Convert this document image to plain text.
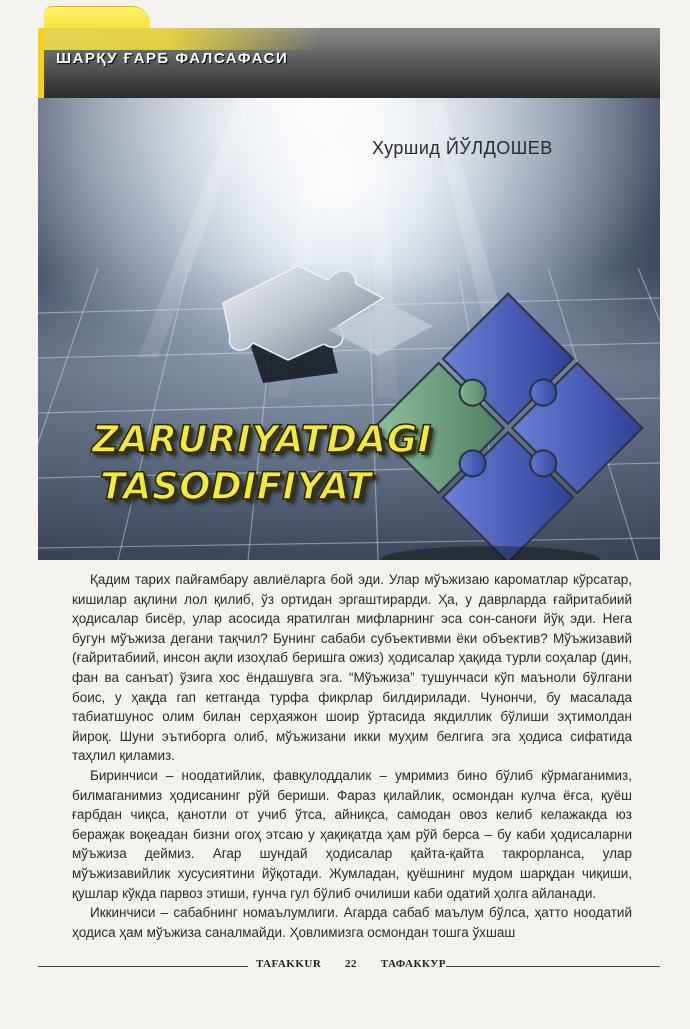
ШАРҚУ ҒАРБ ФАЛСАФАСИ
Хуршид ЙЎЛДОШЕВ
ZARURIYATDAGI
TASODIFIYAT

Қадим тарих пайғамбару авлиёларга бой эди. Улар мўъжизаю кароматлар кўрсатар, кишилар ақлини лол қилиб, ўз ортидан эргаштирарди. Ҳа, у даврларда ғайритабиий ҳодисалар бисёр, улар асосида яратилган мифларнинг эса сон-саноғи йўқ эди. Нега бугун мўъжиза дегани тақчил? Бунинг сабаби субъективми ёки объектив? Мўъжизавий (ғайритабиий, инсон ақли изоҳлаб беришга ожиз) ҳодисалар ҳақида турли соҳалар (дин, фан ва санъат) ўзига хос ёндашувга эга. “Мўъжиза” тушунчаси кўп маъноли бўлгани боис, у ҳақда гап кетганда турфа фикрлар билдирилади. Чунончи, бу масалада табиатшунос олим билан серҳаяжон шоир ўртасида якдиллик бўлиши эҳтимолдан йироқ. Шуни эътиборга олиб, мўъжизани икки муҳим белгига эга ҳодиса сифатида таҳлил қиламиз.

Биринчиси – ноодатийлик, фавқулоддалик – умримиз бино бўлиб кўрмаганимиз, билмаганимиз ҳодисанинг рўй бериши. Фараз қилайлик, осмондан кулча ёғса, қуёш ғарбдан чиқса, қанотли от учиб ўтса, айниқса, самодан овоз келиб келажакда юз бераҗак воқеадан бизни огоҳ этсаю у ҳақиқатда ҳам рўй берса – бу каби ҳодисаларни мўъжиза деймиз. Агар шундай ҳодисалар қайта-қайта такрорланса, улар мўъжизавийлик хусусиятини йўқотади. Жумладан, қуёшнинг мудом шарқдан чиқиши, қушлар кўкда парвоз этиши, ғунча гул бўлиб очилиши каби одатий ҳолга айланади.

Иккинчиси – сабабнинг номаълумлиги. Агарда сабаб маълум бўлса, ҳатто ноодатий ҳодиса ҳам мўъжиза саналмайди. Ҳовлимизга осмондан тошга ўхшаш

TAFAKKUR 22 ТАФАККУР
